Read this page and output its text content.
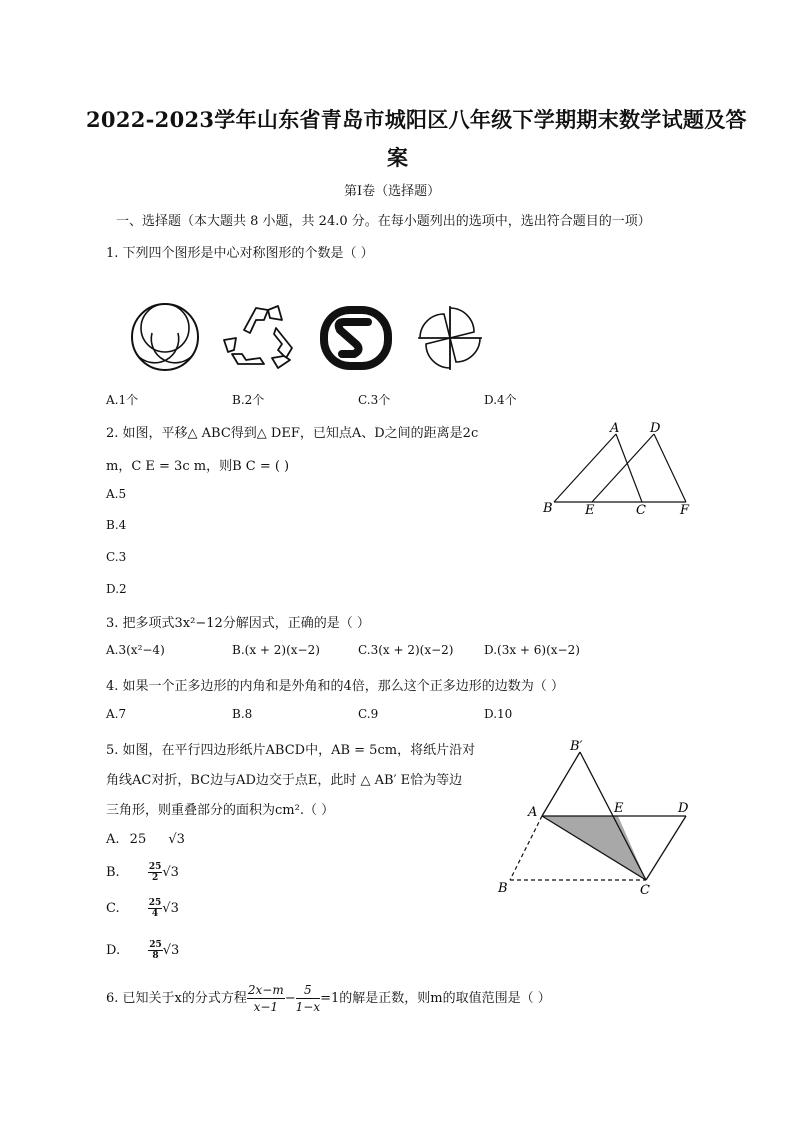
2022-2023学年山东省青岛市城阳区八年级下学期期末数学试题及答
案
第Ⅰ卷（选择题）
一、选择题（本大题共 8 小题，共 24.0 分。在每小题列出的选项中，选出符合题目的一项）
1. 下列四个图形是中心对称图形的个数是（ ）
A.1个	B.2个	C.3个	D.4个
2. 如图，平移△ ABC得到△ DEF，已知点A、D之间的距离是2c
m，C E = 3c m，则B C = ( )
A.5
B.4
C.3
D.2
A D
B E	C	F
3. 把多项式3x²−12分解因式，正确的是（ ）
A.3(x²−4)	B.(x + 2)(x−2)	C.3(x + 2)(x−2)	D.(3x + 6)(x−2)
4. 如果一个正多边形的内角和是外角和的4倍，那么这个正多边形的边数为（ ）
A.7	B.8	C.9	D.10
5. 如图，在平行四边形纸片ABCD中，AB = 5cm，将纸片沿对
角线AC对折，BC边与AD边交于点E，此时 △ AB′ E恰为等边
三角形，则重叠部分的面积为cm².（ ）
A. 25 √3
B.	$\frac{25}{2} √3$
C.	$\frac{25}{4} √3$
D.	$\frac{25}{8} √3$
B′
A	E	D
B	C
6. 已知关于x的分式方程 $\frac{2x-m}{x-1} - \frac{5}{1-x} =1$的解是正数，则m的取值范围是（ ）
